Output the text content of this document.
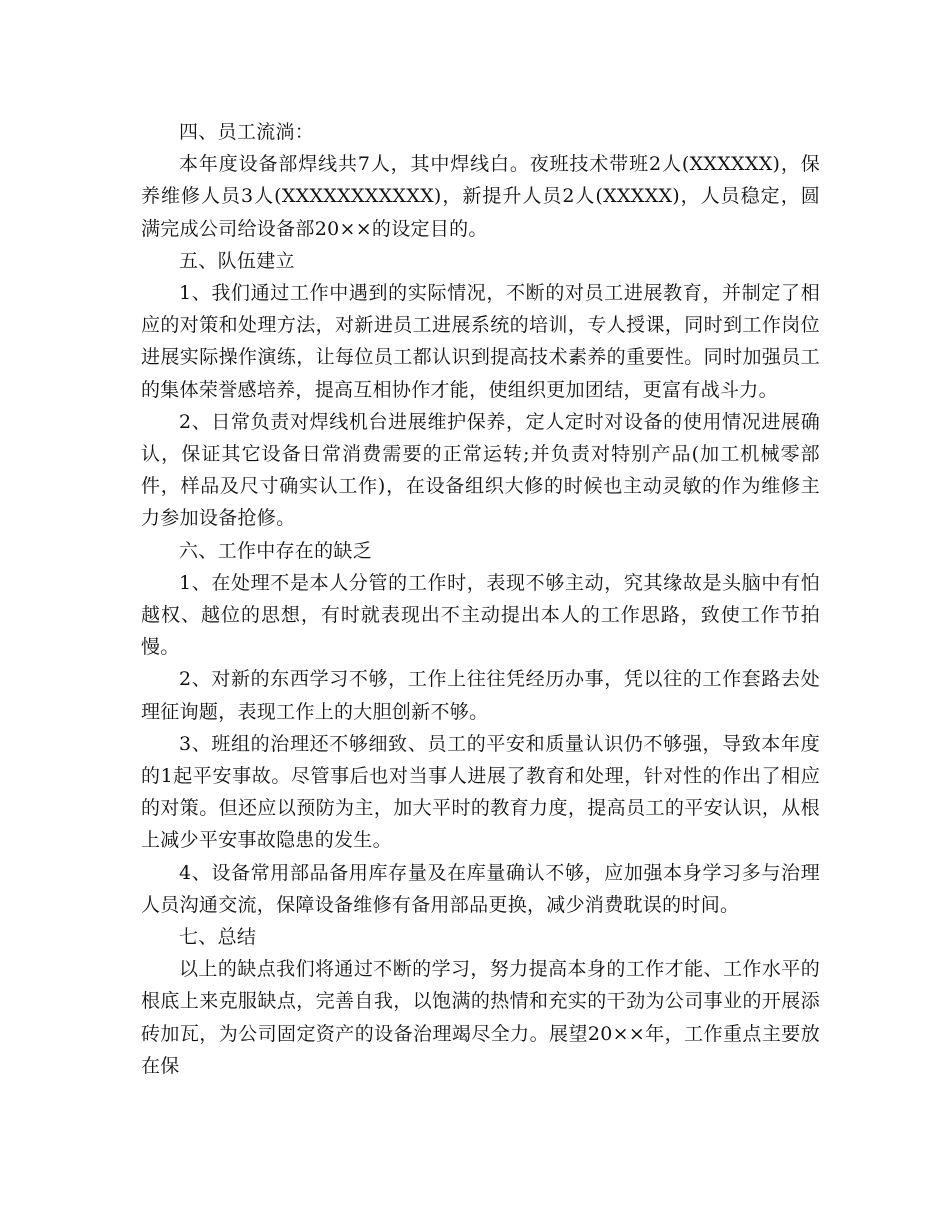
四、员工流淌：

本年度设备部焊线共7人，其中焊线白。夜班技术带班2人(XXXXXX)，保养维修人员3人(XXXXXXXXXXX)，新提升人员2人(XXXXX)，人员稳定，圆满完成公司给设备部20××的设定目的。

五、队伍建立

1、我们通过工作中遇到的实际情况，不断的对员工进展教育，并制定了相应的对策和处理方法，对新进员工进展系统的培训，专人授课，同时到工作岗位进展实际操作演练，让每位员工都认识到提高技术素养的重要性。同时加强员工的集体荣誉感培养，提高互相协作才能，使组织更加团结，更富有战斗力。

2、日常负责对焊线机台进展维护保养，定人定时对设备的使用情况进展确认，保证其它设备日常消费需要的正常运转;并负责对特别产品(加工机械零部件，样品及尺寸确实认工作)，在设备组织大修的时候也主动灵敏的作为维修主力参加设备抢修。

六、工作中存在的缺乏

1、在处理不是本人分管的工作时，表现不够主动，究其缘故是头脑中有怕越权、越位的思想，有时就表现出不主动提出本人的工作思路，致使工作节拍慢。

2、对新的东西学习不够，工作上往往凭经历办事，凭以往的工作套路去处理征询题，表现工作上的大胆创新不够。

3、班组的治理还不够细致、员工的平安和质量认识仍不够强，导致本年度的1起平安事故。尽管事后也对当事人进展了教育和处理，针对性的作出了相应的对策。但还应以预防为主，加大平时的教育力度，提高员工的平安认识，从根上减少平安事故隐患的发生。

4、设备常用部品备用库存量及在库量确认不够，应加强本身学习多与治理人员沟通交流，保障设备维修有备用部品更换，减少消费耽误的时间。

七、总结

以上的缺点我们将通过不断的学习，努力提高本身的工作才能、工作水平的根底上来克服缺点，完善自我，以饱满的热情和充实的干劲为公司事业的开展添砖加瓦，为公司固定资产的设备治理竭尽全力。展望20××年，工作重点主要放在保
